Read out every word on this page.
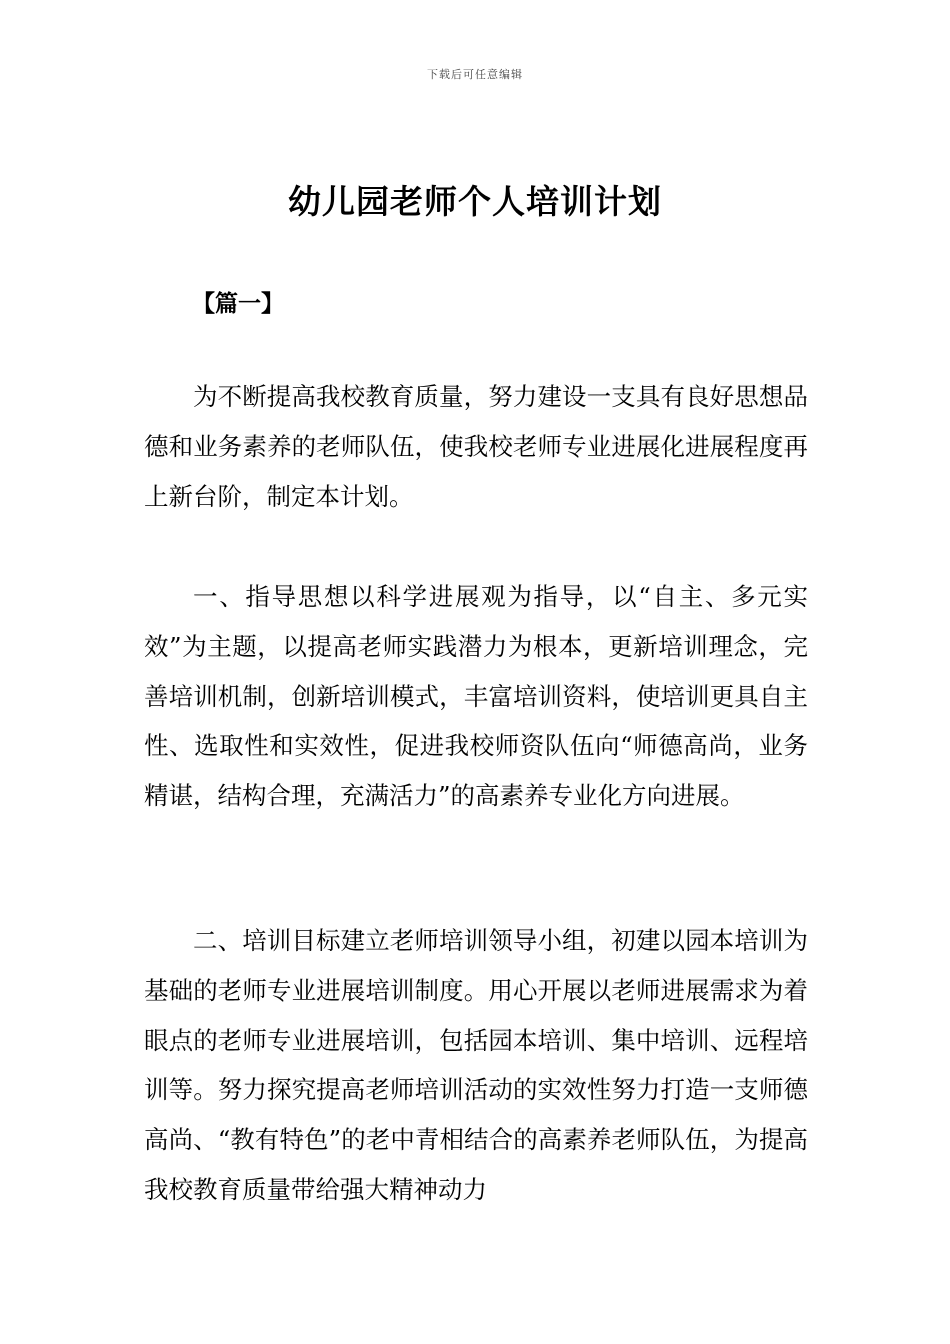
下载后可任意编辑
幼儿园老师个人培训计划
【篇一】

为不断提高我校教育质量，努力建设一支具有良好思想品德和业务素养的老师队伍，使我校老师专业进展化进展程度再上新台阶，制定本计划。

一、指导思想以科学进展观为指导，以“自主、多元实效”为主题，以提高老师实践潜力为根本，更新培训理念，完善培训机制，创新培训模式，丰富培训资料，使培训更具自主性、选取性和实效性，促进我校师资队伍向“师德高尚，业务精谌，结构合理，充满活力”的高素养专业化方向进展。

二、培训目标建立老师培训领导小组，初建以园本培训为基础的老师专业进展培训制度。用心开展以老师进展需求为着眼点的老师专业进展培训，包括园本培训、集中培训、远程培训等。努力探究提高老师培训活动的实效性努力打造一支师德高尚、“教有特色”的老中青相结合的高素养老师队伍，为提高我校教育质量带给强大精神动力
